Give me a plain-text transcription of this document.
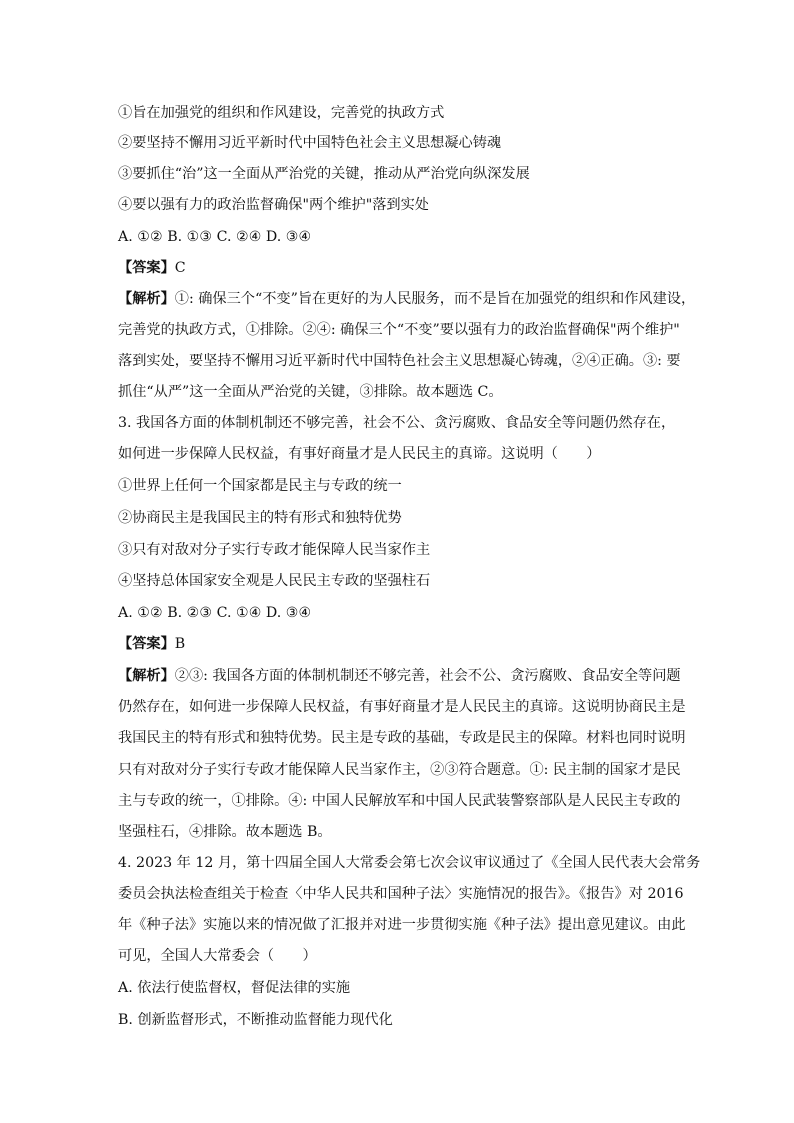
①旨在加强党的组织和作风建设，完善党的执政方式
②要坚持不懈用习近平新时代中国特色社会主义思想凝心铸魂
③要抓住“治”这一全面从严治党的关键，推动从严治党向纵深发展
④要以强有力的政治监督确保"两个维护"落到实处
A. ①② B. ①③ C. ②④ D. ③④
【答案】C
【解析】①: 确保三个“不变”旨在更好的为人民服务，而不是旨在加强党的组织和作风建设，
完善党的执政方式，①排除。②④: 确保三个“不变”要以强有力的政治监督确保"两个维护"
落到实处，要坚持不懈用习近平新时代中国特色社会主义思想凝心铸魂，②④正确。③: 要
抓住“从严”这一全面从严治党的关键，③排除。故本题选 C。
3. 我国各方面的体制机制还不够完善，社会不公、贪污腐败、食品安全等问题仍然存在，
如何进一步保障人民权益，有事好商量才是人民民主的真谛。这说明（　　）
①世界上任何一个国家都是民主与专政的统一
②协商民主是我国民主的特有形式和独特优势
③只有对敌对分子实行专政才能保障人民当家作主
④坚持总体国家安全观是人民民主专政的坚强柱石
A. ①② B. ②③ C. ①④ D. ③④
【答案】B
【解析】②③: 我国各方面的体制机制还不够完善，社会不公、贪污腐败、食品安全等问题
仍然存在，如何进一步保障人民权益，有事好商量才是人民民主的真谛。这说明协商民主是
我国民主的特有形式和独特优势。民主是专政的基础，专政是民主的保障。材料也同时说明
只有对敌对分子实行专政才能保障人民当家作主，②③符合题意。①: 民主制的国家才是民
主与专政的统一，①排除。④: 中国人民解放军和中国人民武装警察部队是人民民主专政的
坚强柱石，④排除。故本题选 B。
4. 2023 年 12 月，第十四届全国人大常委会第七次会议审议通过了《全国人民代表大会常务
委员会执法检查组关于检查〈中华人民共和国种子法〉实施情况的报告》。《报告》对 2016
年《种子法》实施以来的情况做了汇报并对进一步贯彻实施《种子法》提出意见建议。由此
可见，全国人大常委会（　　）
A. 依法行使监督权，督促法律的实施
B. 创新监督形式，不断推动监督能力现代化
